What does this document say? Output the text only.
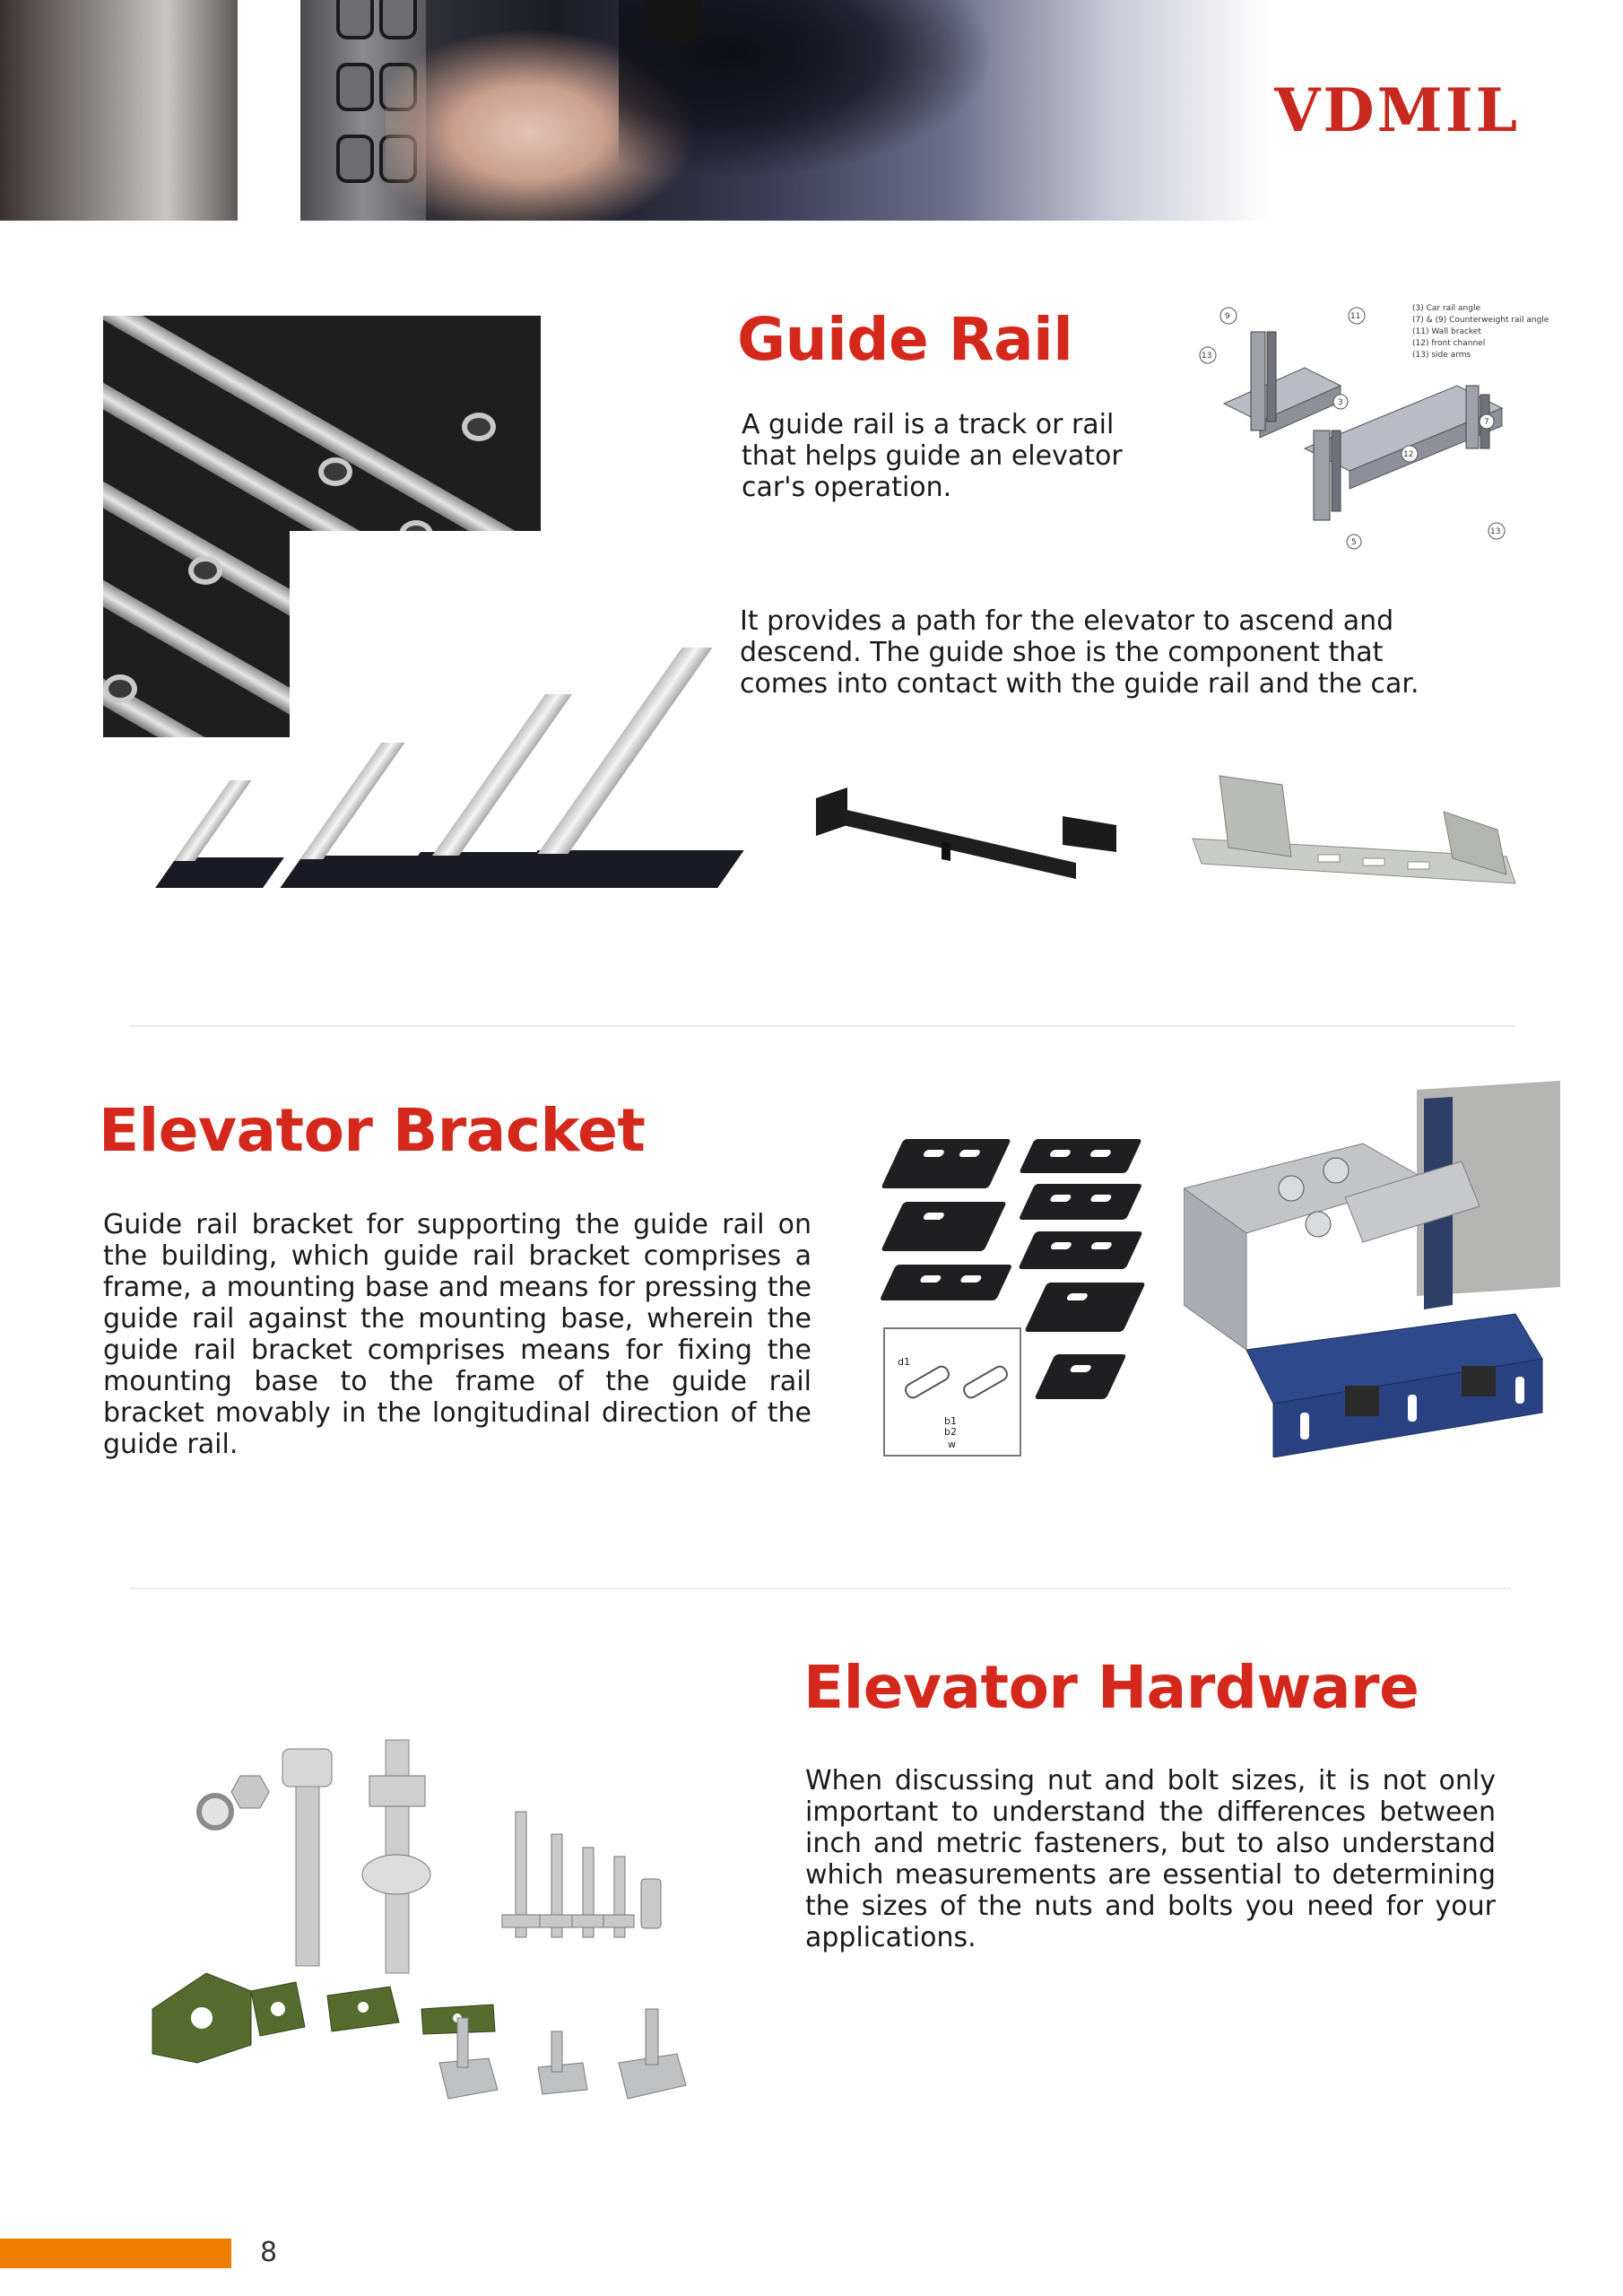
VDMIL
Guide Rail

A guide rail is a track or rail that helps guide an elevator car's operation.

9	11
13
3
12
7
5
13
(3) Car rail angle
(7) & (9) Counterweight rail angle
(11) Wall bracket
(12) front channel
(13) side arms

It provides a path for the elevator to ascend and descend. The guide shoe is the component that comes into contact with the guide rail and the car.

Elevator Bracket

Guide rail bracket for supporting the guide rail on the building, which guide rail bracket comprises a frame, a mounting base and means for pressing the guide rail against the mounting base, wherein the guide rail bracket comprises means for fixing the mounting base to the frame of the guide rail bracket movably in the longitudinal direction of the guide rail.

d1
b1
b2
w
Elevator Hardware

When discussing nut and bolt sizes, it is not only important to understand the differences between inch and metric fasteners, but to also understand which measurements are essential to determining the sizes of the nuts and bolts you need for your applications.

8
